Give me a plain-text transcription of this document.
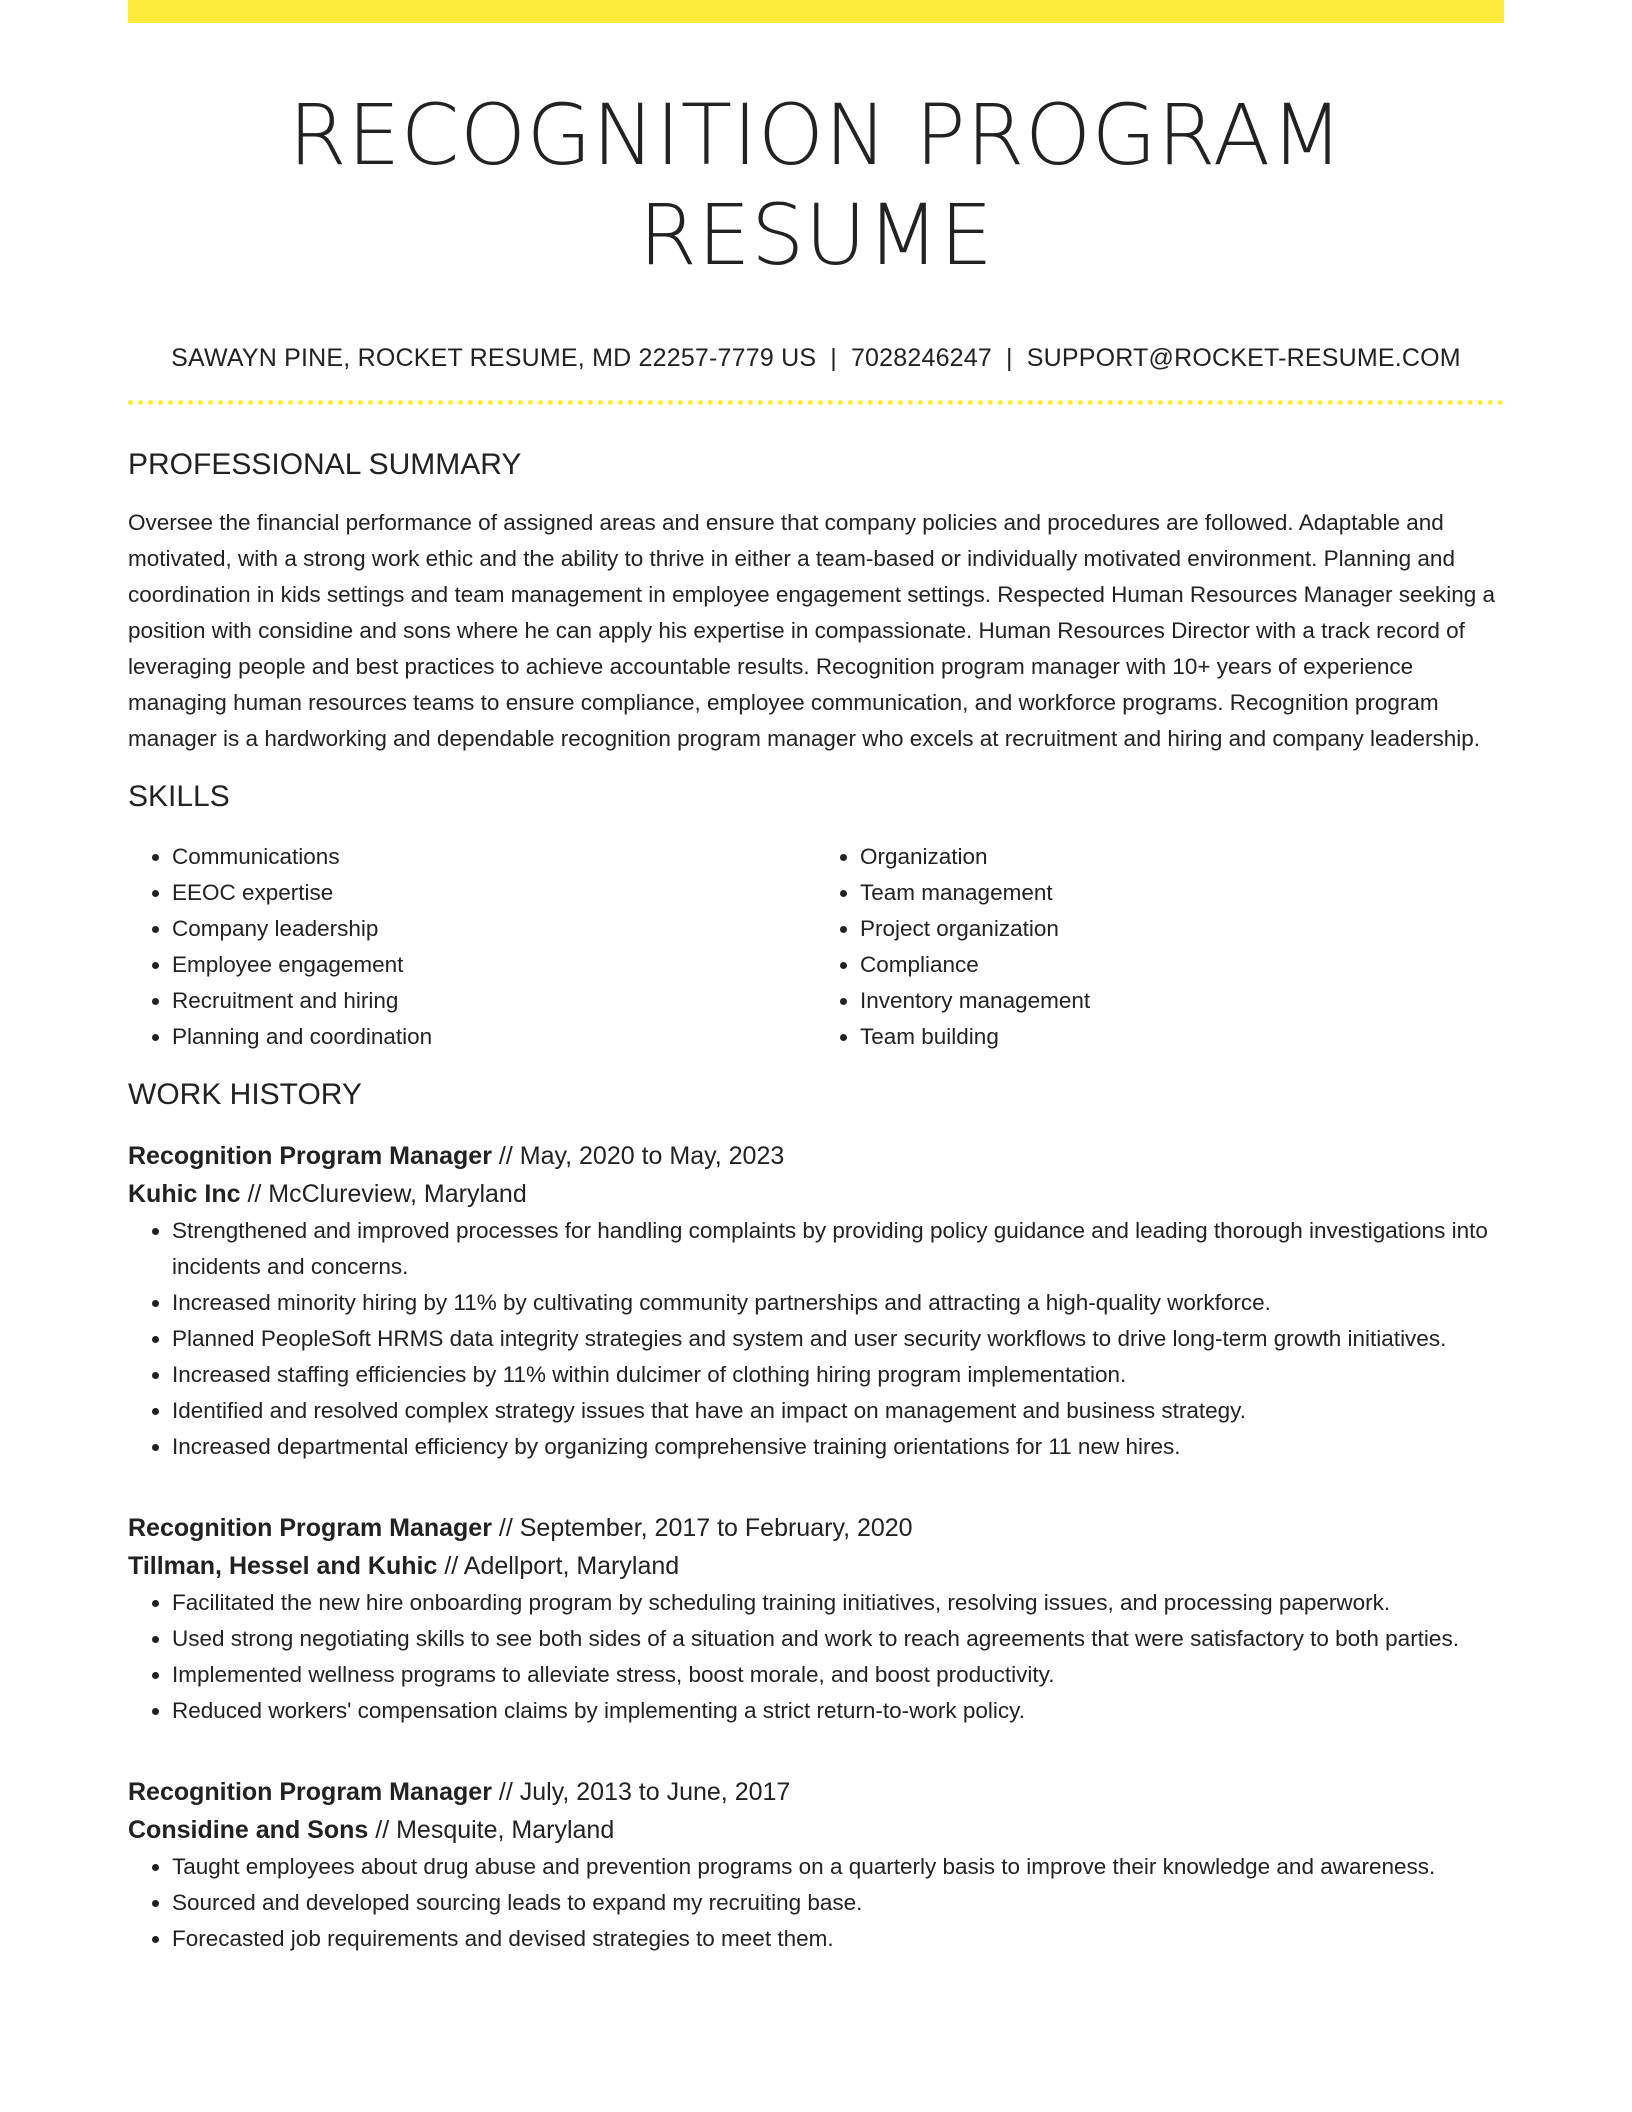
RECOGNITION PROGRAM RESUME
SAWAYN PINE, ROCKET RESUME, MD 22257-7779 US | 7028246247 | SUPPORT@ROCKET-RESUME.COM
PROFESSIONAL SUMMARY

Oversee the financial performance of assigned areas and ensure that company policies and procedures are followed. Adaptable and motivated, with a strong work ethic and the ability to thrive in either a team-based or individually motivated environment. Planning and coordination in kids settings and team management in employee engagement settings. Respected Human Resources Manager seeking a position with considine and sons where he can apply his expertise in compassionate. Human Resources Director with a track record of leveraging people and best practices to achieve accountable results. Recognition program manager with 10+ years of experience managing human resources teams to ensure compliance, employee communication, and workforce programs. Recognition program manager is a hardworking and dependable recognition program manager who excels at recruitment and hiring and company leadership.

SKILLS
• Communications
• EEOC expertise
• Company leadership
• Employee engagement
• Recruitment and hiring
• Planning and coordination
• Organization
• Team management
• Project organization
• Compliance
• Inventory management
• Team building
WORK HISTORY
Recognition Program Manager // May, 2020 to May, 2023
Kuhic Inc // McClureview, Maryland
• Strengthened and improved processes for handling complaints by providing policy guidance and leading thorough investigations into incidents and concerns.
• Increased minority hiring by 11% by cultivating community partnerships and attracting a high-quality workforce.
• Planned PeopleSoft HRMS data integrity strategies and system and user security workflows to drive long-term growth initiatives.
• Increased staffing efficiencies by 11% within dulcimer of clothing hiring program implementation.
• Identified and resolved complex strategy issues that have an impact on management and business strategy.
• Increased departmental efficiency by organizing comprehensive training orientations for 11 new hires.
Recognition Program Manager // September, 2017 to February, 2020
Tillman, Hessel and Kuhic // Adellport, Maryland
• Facilitated the new hire onboarding program by scheduling training initiatives, resolving issues, and processing paperwork.
• Used strong negotiating skills to see both sides of a situation and work to reach agreements that were satisfactory to both parties.
• Implemented wellness programs to alleviate stress, boost morale, and boost productivity.
• Reduced workers' compensation claims by implementing a strict return-to-work policy.
Recognition Program Manager // July, 2013 to June, 2017
Considine and Sons // Mesquite, Maryland
• Taught employees about drug abuse and prevention programs on a quarterly basis to improve their knowledge and awareness.
• Sourced and developed sourcing leads to expand my recruiting base.
• Forecasted job requirements and devised strategies to meet them.
